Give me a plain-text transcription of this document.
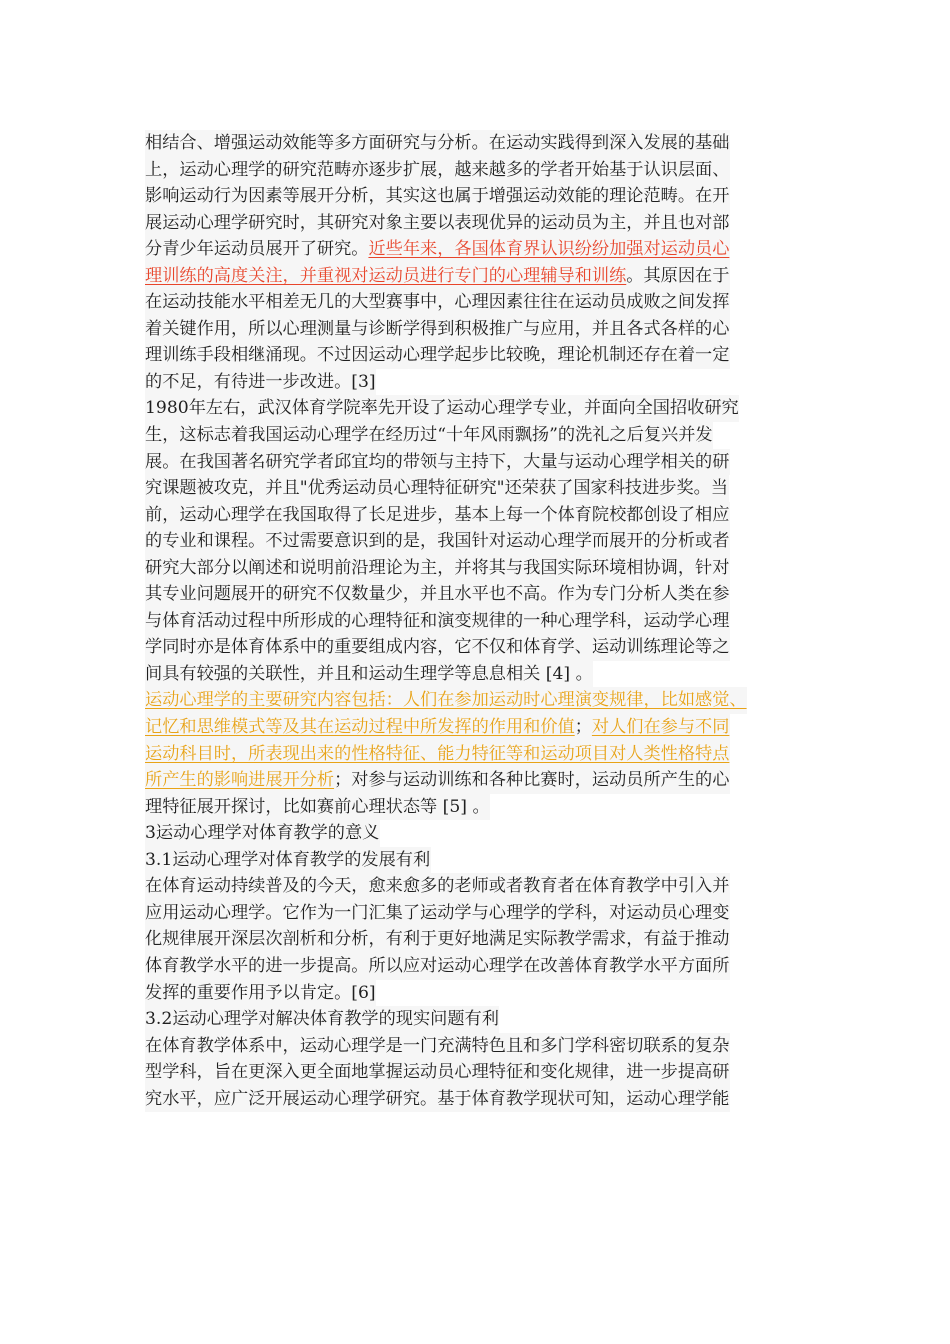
相结合、增强运动效能等多方面研究与分析。在运动实践得到深入发展的基础
上，运动心理学的研究范畴亦逐步扩展，越来越多的学者开始基于认识层面、
影响运动行为因素等展开分析，其实这也属于增强运动效能的理论范畴。在开
展运动心理学研究时，其研究对象主要以表现优异的运动员为主，并且也对部
分青少年运动员展开了研究。近些年来，各国体育界认识纷纷加强对运动员心
理训练的高度关注，并重视对运动员进行专门的心理辅导和训练。其原因在于
在运动技能水平相差无几的大型赛事中，心理因素往往在运动员成败之间发挥
着关键作用，所以心理测量与诊断学得到积极推广与应用，并且各式各样的心
理训练手段相继涌现。不过因运动心理学起步比较晚，理论机制还存在着一定
的不足，有待进一步改进。[3]
1980年左右，武汉体育学院率先开设了运动心理学专业，并面向全国招收研究
生，这标志着我国运动心理学在经历过“十年风雨飘扬”的洗礼之后复兴并发
展。在我国著名研究学者邱宜均的带领与主持下，大量与运动心理学相关的研
究课题被攻克，并且"优秀运动员心理特征研究"还荣获了国家科技进步奖。当
前，运动心理学在我国取得了长足进步，基本上每一个体育院校都创设了相应
的专业和课程。不过需要意识到的是，我国针对运动心理学而展开的分析或者
研究大部分以阐述和说明前沿理论为主，并将其与我国实际环境相协调，针对
其专业问题展开的研究不仅数量少，并且水平也不高。作为专门分析人类在参
与体育活动过程中所形成的心理特征和演变规律的一种心理学科，运动学心理
学同时亦是体育体系中的重要组成内容，它不仅和体育学、运动训练理论等之
间具有较强的关联性，并且和运动生理学等息息相关 [4] 。
运动心理学的主要研究内容包括：人们在参加运动时心理演变规律，比如感觉、
记忆和思维模式等及其在运动过程中所发挥的作用和价值；对人们在参与不同
运动科目时，所表现出来的性格特征、能力特征等和运动项目对人类性格特点
所产生的影响进展开分析；对参与运动训练和各种比赛时，运动员所产生的心
理特征展开探讨，比如赛前心理状态等 [5] 。
3运动心理学对体育教学的意义
3.1运动心理学对体育教学的发展有利
在体育运动持续普及的今天，愈来愈多的老师或者教育者在体育教学中引入并
应用运动心理学。它作为一门汇集了运动学与心理学的学科，对运动员心理变
化规律展开深层次剖析和分析，有利于更好地满足实际教学需求，有益于推动
体育教学水平的进一步提高。所以应对运动心理学在改善体育教学水平方面所
发挥的重要作用予以肯定。[6]
3.2运动心理学对解决体育教学的现实问题有利
在体育教学体系中，运动心理学是一门充满特色且和多门学科密切联系的复杂
型学科，旨在更深入更全面地掌握运动员心理特征和变化规律，进一步提高研
究水平，应广泛开展运动心理学研究。基于体育教学现状可知，运动心理学能
